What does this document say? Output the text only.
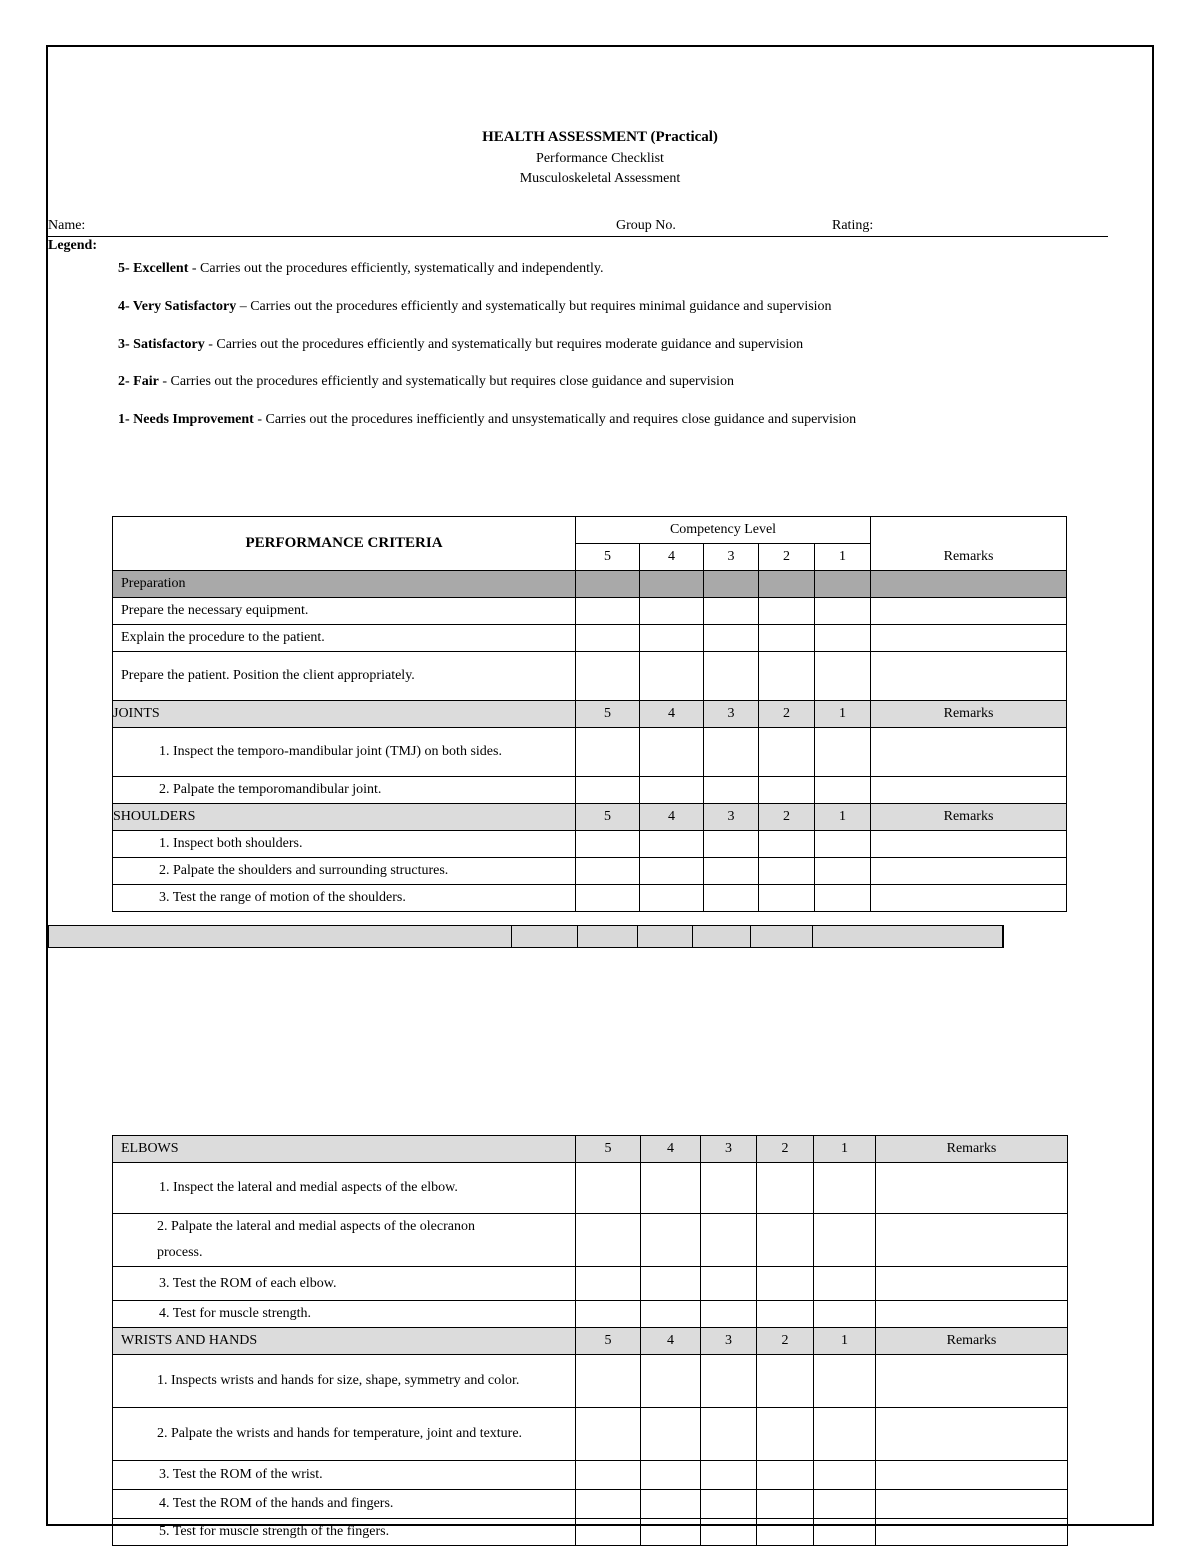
HEALTH ASSESSMENT (Practical)
Performance Checklist
Musculoskeletal Assessment
Name:	Group No.	Rating:
Legend:
5- Excellent - Carries out the procedures efficiently, systematically and independently.
4- Very Satisfactory – Carries out the procedures efficiently and systematically but requires minimal guidance and supervision
3- Satisfactory - Carries out the procedures efficiently and systematically but requires moderate guidance and supervision
2- Fair - Carries out the procedures efficiently and systematically but requires close guidance and supervision
1- Needs Improvement - Carries out the procedures inefficiently and unsystematically and requires close guidance and supervision
PERFORMANCE CRITERIA	Competency Level					
	5	4	3	2	1	Remarks
Preparation						
Prepare the necessary equipment.						
Explain the procedure to the patient.						
Prepare the patient. Position the client appropriately.						
JOINTS	5	4	3	2	1	Remarks
1. Inspect the temporo-mandibular joint (TMJ) on both sides.						
2. Palpate the temporomandibular joint.						
SHOULDERS	5	4	3	2	1	Remarks
1. Inspect both shoulders.						
2. Palpate the shoulders and surrounding structures.						
3. Test the range of motion of the shoulders.						
ELBOWS	5	4	3	2	1	Remarks
1. Inspect the lateral and medial aspects of the elbow.						
2. Palpate the lateral and medial aspects of the olecranon process.						
3. Test the ROM of each elbow.						
4. Test for muscle strength.						
WRISTS AND HANDS	5	4	3	2	1	Remarks
1. Inspects wrists and hands for size, shape, symmetry and color.						
2. Palpate the wrists and hands for temperature, joint and texture.						
3. Test the ROM of the wrist.						
4. Test the ROM of the hands and fingers.						
5. Test for muscle strength of the fingers.						
